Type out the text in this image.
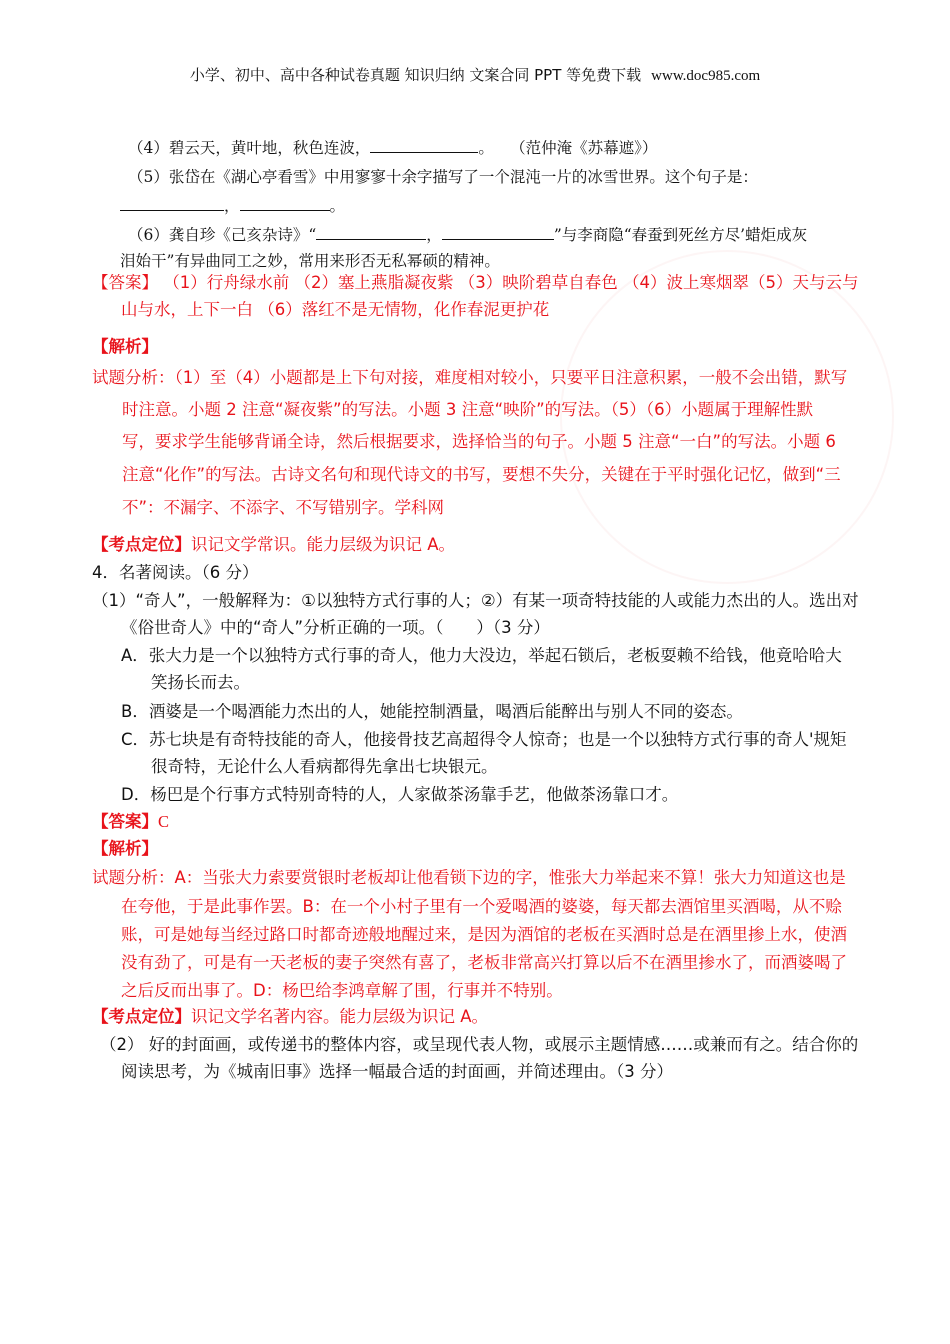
小学、初中、高中各种试卷真题 知识归纳 文案合同 PPT 等免费下载 www.doc985.com
（4）碧云天，黄叶地，秋色连波，	。 （范仲淹《苏幕遮》）
（5）张岱在《湖心亭看雪》中用寥寥十余字描写了一个混沌一片的冰雪世界。这个句子是：
，	。
（6）龚自珍《己亥杂诗》“	，	”与李商隐“春蚕到死丝方尽’蜡炬成灰
泪始干”有异曲同工之妙，常用来形否无私幂硕的精神。
【答案】 （1）行舟绿水前 （2）塞上燕脂凝夜紫 （3）映阶碧草自春色 （4）波上寒烟翠（5）天与云与
山与水，上下一白 （6）落红不是无情物，化作春泥更护花
【解析】
试题分析：（1）至（4）小题都是上下句对接，难度相对较小，只要平日注意积累，一般不会出错，默写
时注意。小题 2 注意“凝夜紫”的写法。小题 3 注意“映阶”的写法。（5）（6）小题属于理解性默
写，要求学生能够背诵全诗，然后根据要求，选择恰当的句子。小题 5 注意“一白”的写法。小题 6
注意“化作”的写法。古诗文名句和现代诗文的书写，要想不失分，关键在于平时强化记忆，做到“三
不”：不漏字、不添字、不写错别字。学科网
【考点定位】识记文学常识。能力层级为识记 A。
4．名著阅读。（6 分）
（1）“奇人”，一般解释为：①以独特方式行事的人；②）有某一项奇特技能的人或能力杰出的人。选出对
《俗世奇人》中的“奇人”分析正确的一项。（　　）（3 分）
A．张大力是一个以独特方式行事的奇人，他力大没边，举起石锁后，老板耍赖不给钱，他竟哈哈大
笑扬长而去。
B．酒婆是一个喝酒能力杰出的人，她能控制酒量，喝酒后能醉出与别人不同的姿态。
C．苏七块是有奇特技能的奇人，他接骨技艺高超得令人惊奇；也是一个以独特方式行事的奇人'规矩
很奇特，无论什么人看病都得先拿出七块银元。
D．杨巴是个行事方式特别奇特的人，人家做茶汤靠手艺，他做茶汤靠口才。
【答案】C
【解析】
试题分析：A：当张大力索要赏银时老板却让他看锁下边的字，惟张大力举起来不算！张大力知道这也是
在夸他，于是此事作罢。B：在一个小村子里有一个爱喝酒的婆婆，每天都去酒馆里买酒喝，从不赊
账，可是她每当经过路口时都奇迹般地醒过来，是因为酒馆的老板在买酒时总是在酒里掺上水，使酒
没有劲了，可是有一天老板的妻子突然有喜了，老板非常高兴打算以后不在酒里掺水了，而酒婆喝了
之后反而出事了。D：杨巴给李鸿章解了围，行事并不特别。
【考点定位】识记文学名著内容。能力层级为识记 A。
（2） 好的封面画，或传递书的整体内容，或呈现代表人物，或展示主题情感……或兼而有之。结合你的
阅读思考，为《城南旧事》选择一幅最合适的封面画，并简述理由。（3 分）
